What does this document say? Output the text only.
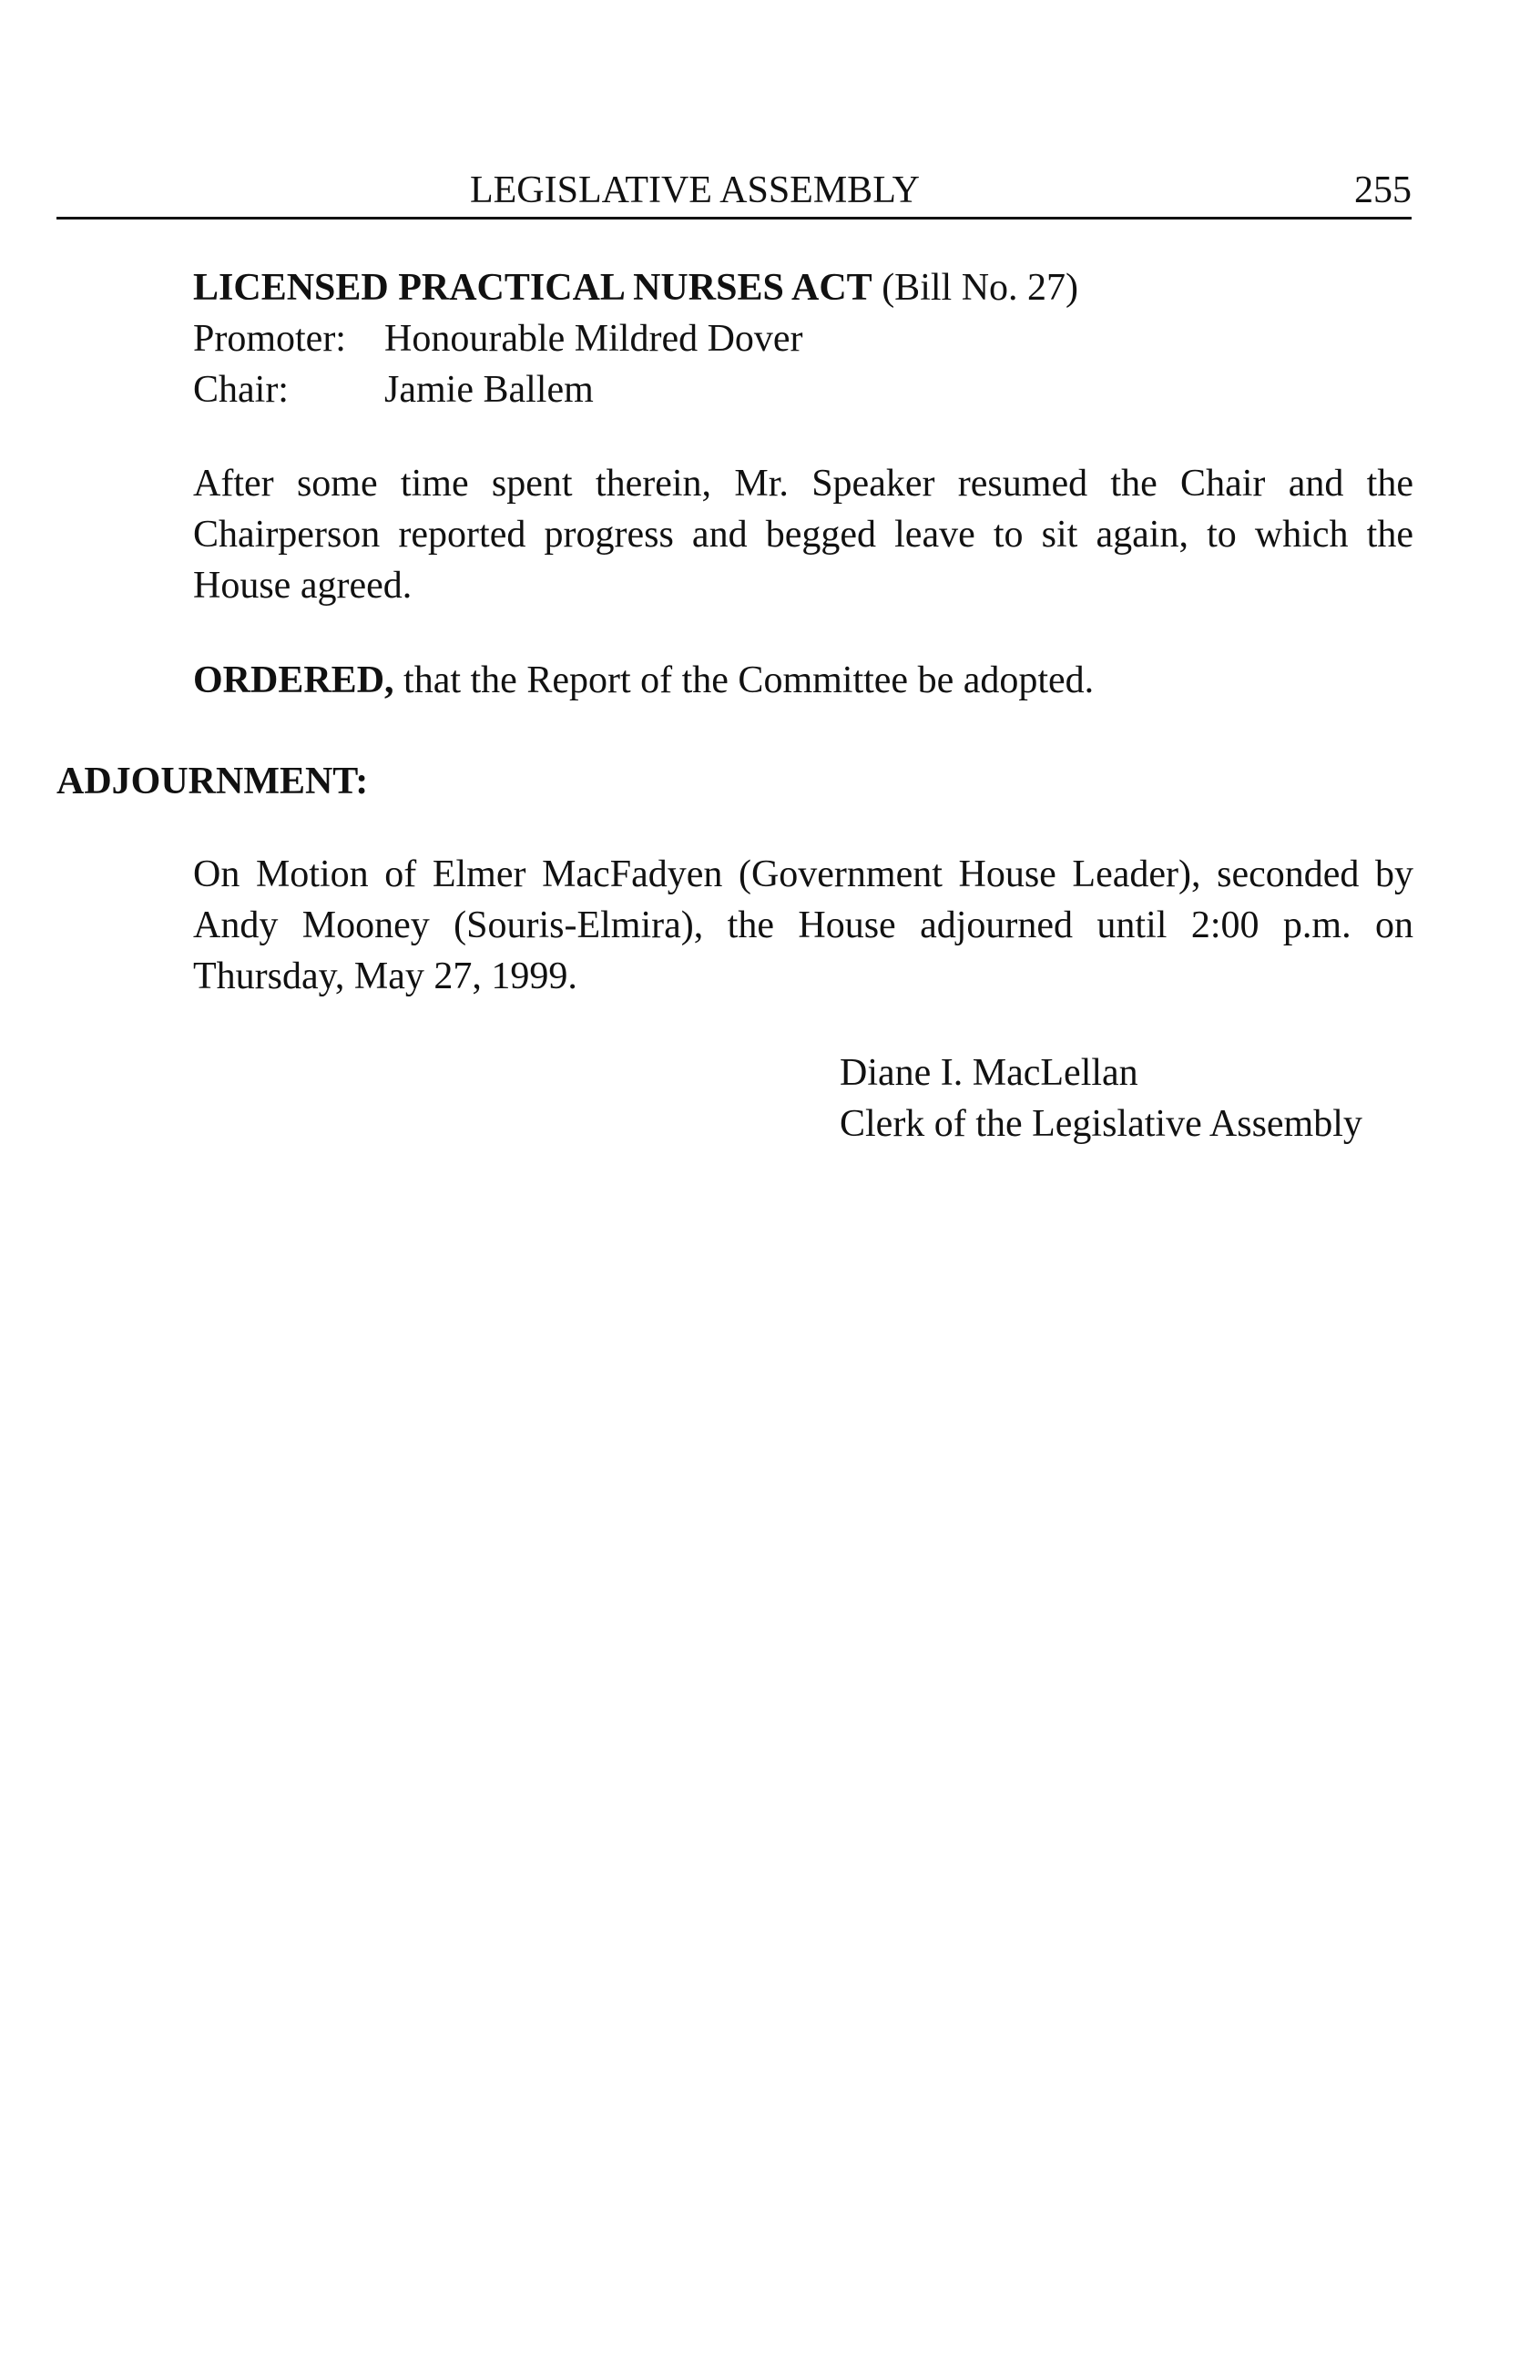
LEGISLATIVE ASSEMBLY	255
LICENSED PRACTICAL NURSES ACT (Bill No. 27)
Promoter:	Honourable Mildred Dover
Chair:	Jamie Ballem
After some time spent therein, Mr. Speaker resumed the Chair and the Chairperson reported progress and begged leave to sit again, to which the House agreed.
ORDERED, that the Report of the Committee be adopted.
ADJOURNMENT:
On Motion of Elmer MacFadyen (Government House Leader), seconded by Andy Mooney (Souris-Elmira), the House adjourned until 2:00 p.m. on Thursday, May 27, 1999.
Diane I. MacLellan
Clerk of the Legislative Assembly
